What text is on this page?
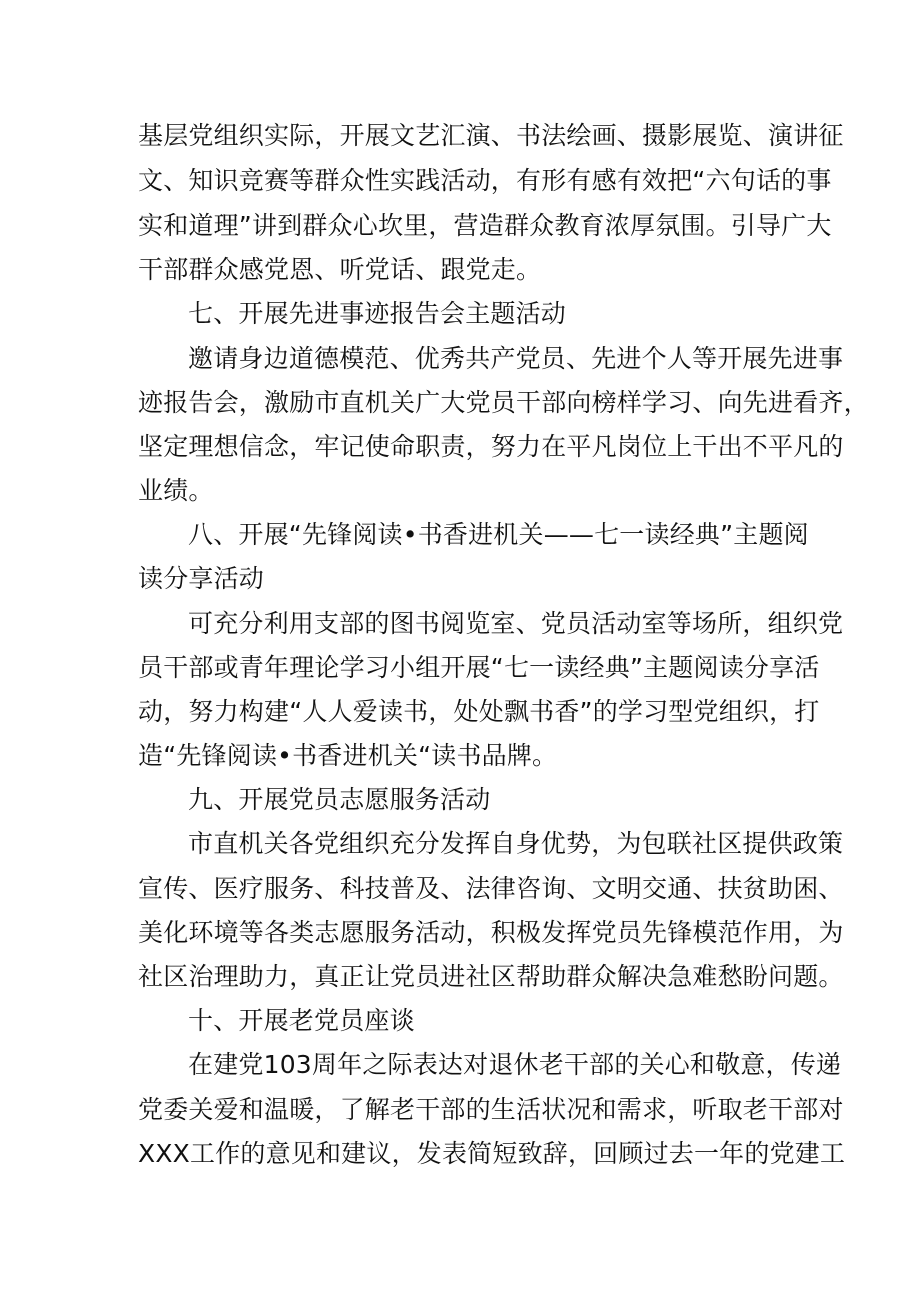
基层党组织实际，开展文艺汇演、书法绘画、摄影展览、演讲征
文、知识竞赛等群众性实践活动，有形有感有效把“六句话的事
实和道理”讲到群众心坎里，营造群众教育浓厚氛围。引导广大
干部群众感党恩、听党话、跟党走。
七、开展先进事迹报告会主题活动
邀请身边道德模范、优秀共产党员、先进个人等开展先进事
迹报告会，激励市直机关广大党员干部向榜样学习、向先进看齐，
坚定理想信念，牢记使命职责，努力在平凡岗位上干出不平凡的
业绩。
八、开展“先锋阅读•书香进机关——七一读经典”主题阅
读分享活动
可充分利用支部的图书阅览室、党员活动室等场所，组织党
员干部或青年理论学习小组开展“七一读经典”主题阅读分享活
动，努力构建“人人爱读书，处处飘书香”的学习型党组织，打
造“先锋阅读•书香进机关“读书品牌。
九、开展党员志愿服务活动
市直机关各党组织充分发挥自身优势，为包联社区提供政策
宣传、医疗服务、科技普及、法律咨询、文明交通、扶贫助困、
美化环境等各类志愿服务活动，积极发挥党员先锋模范作用，为
社区治理助力，真正让党员进社区帮助群众解决急难愁盼问题。
十、开展老党员座谈
在建党103周年之际表达对退休老干部的关心和敬意，传递
党委关爱和温暖，了解老干部的生活状况和需求，听取老干部对
XXX工作的意见和建议，发表简短致辞，回顾过去一年的党建工
